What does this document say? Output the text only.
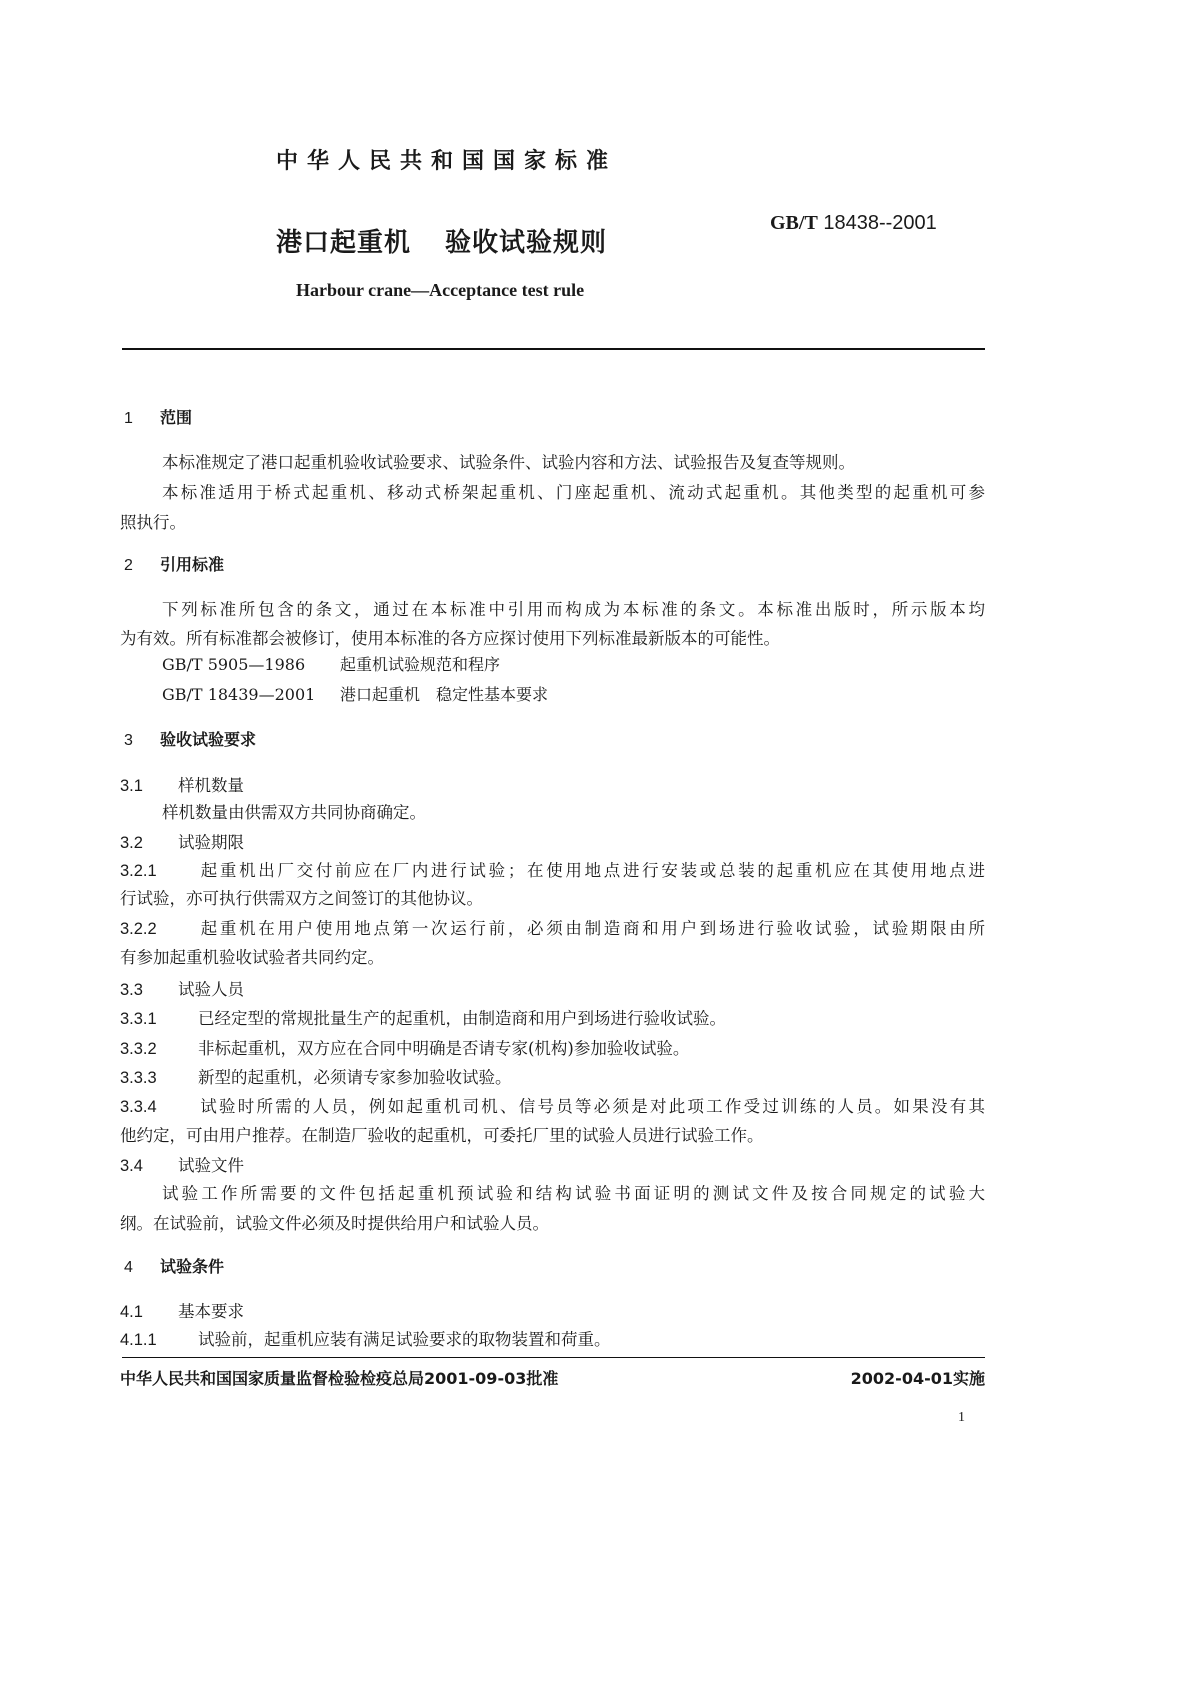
中华人民共和国国家标准
港口起重机 验收试验规则
GB/T 18438--2001
Harbour crane—Acceptance test rule
1 范围
本标准规定了港口起重机验收试验要求、试验条件、试验内容和方法、试验报告及复查等规则。
本标准适用于桥式起重机、移动式桥架起重机、门座起重机、流动式起重机。其他类型的起重机可参
照执行。
2 引用标准
下列标准所包含的条文，通过在本标准中引用而构成为本标准的条文。本标准出版时，所示版本均
为有效。所有标准都会被修订，使用本标准的各方应探讨使用下列标准最新版本的可能性。
GB/T 5905—1986 起重机试验规范和程序
GB/T 18439—2001 港口起重机　稳定性基本要求
3 验收试验要求
3.1 样机数量
样机数量由供需双方共同协商确定。
3.2 试验期限
3.2.1	起重机出厂交付前应在厂内进行试验；在使用地点进行安装或总装的起重机应在其使用地点进
行试验，亦可执行供需双方之间签订的其他协议。
3.2.2	起重机在用户使用地点第一次运行前，必须由制造商和用户到场进行验收试验，试验期限由所
有参加起重机验收试验者共同约定。
3.3 试验人员
3.3.1	已经定型的常规批量生产的起重机，由制造商和用户到场进行验收试验。
3.3.2	非标起重机，双方应在合同中明确是否请专家(机构)参加验收试验。
3.3.3	新型的起重机，必须请专家参加验收试验。
3.3.4	试验时所需的人员，例如起重机司机、信号员等必须是对此项工作受过训练的人员。如果没有其
他约定，可由用户推荐。在制造厂验收的起重机，可委托厂里的试验人员进行试验工作。
3.4 试验文件
试验工作所需要的文件包括起重机预试验和结构试验书面证明的测试文件及按合同规定的试验大
纲。在试验前，试验文件必须及时提供给用户和试验人员。
4 试验条件
4.1 基本要求
4.1.1	试验前，起重机应装有满足试验要求的取物装置和荷重。
中华人民共和国国家质量监督检验检疫总局2001-09-03批准	2002-04-01实施
1
